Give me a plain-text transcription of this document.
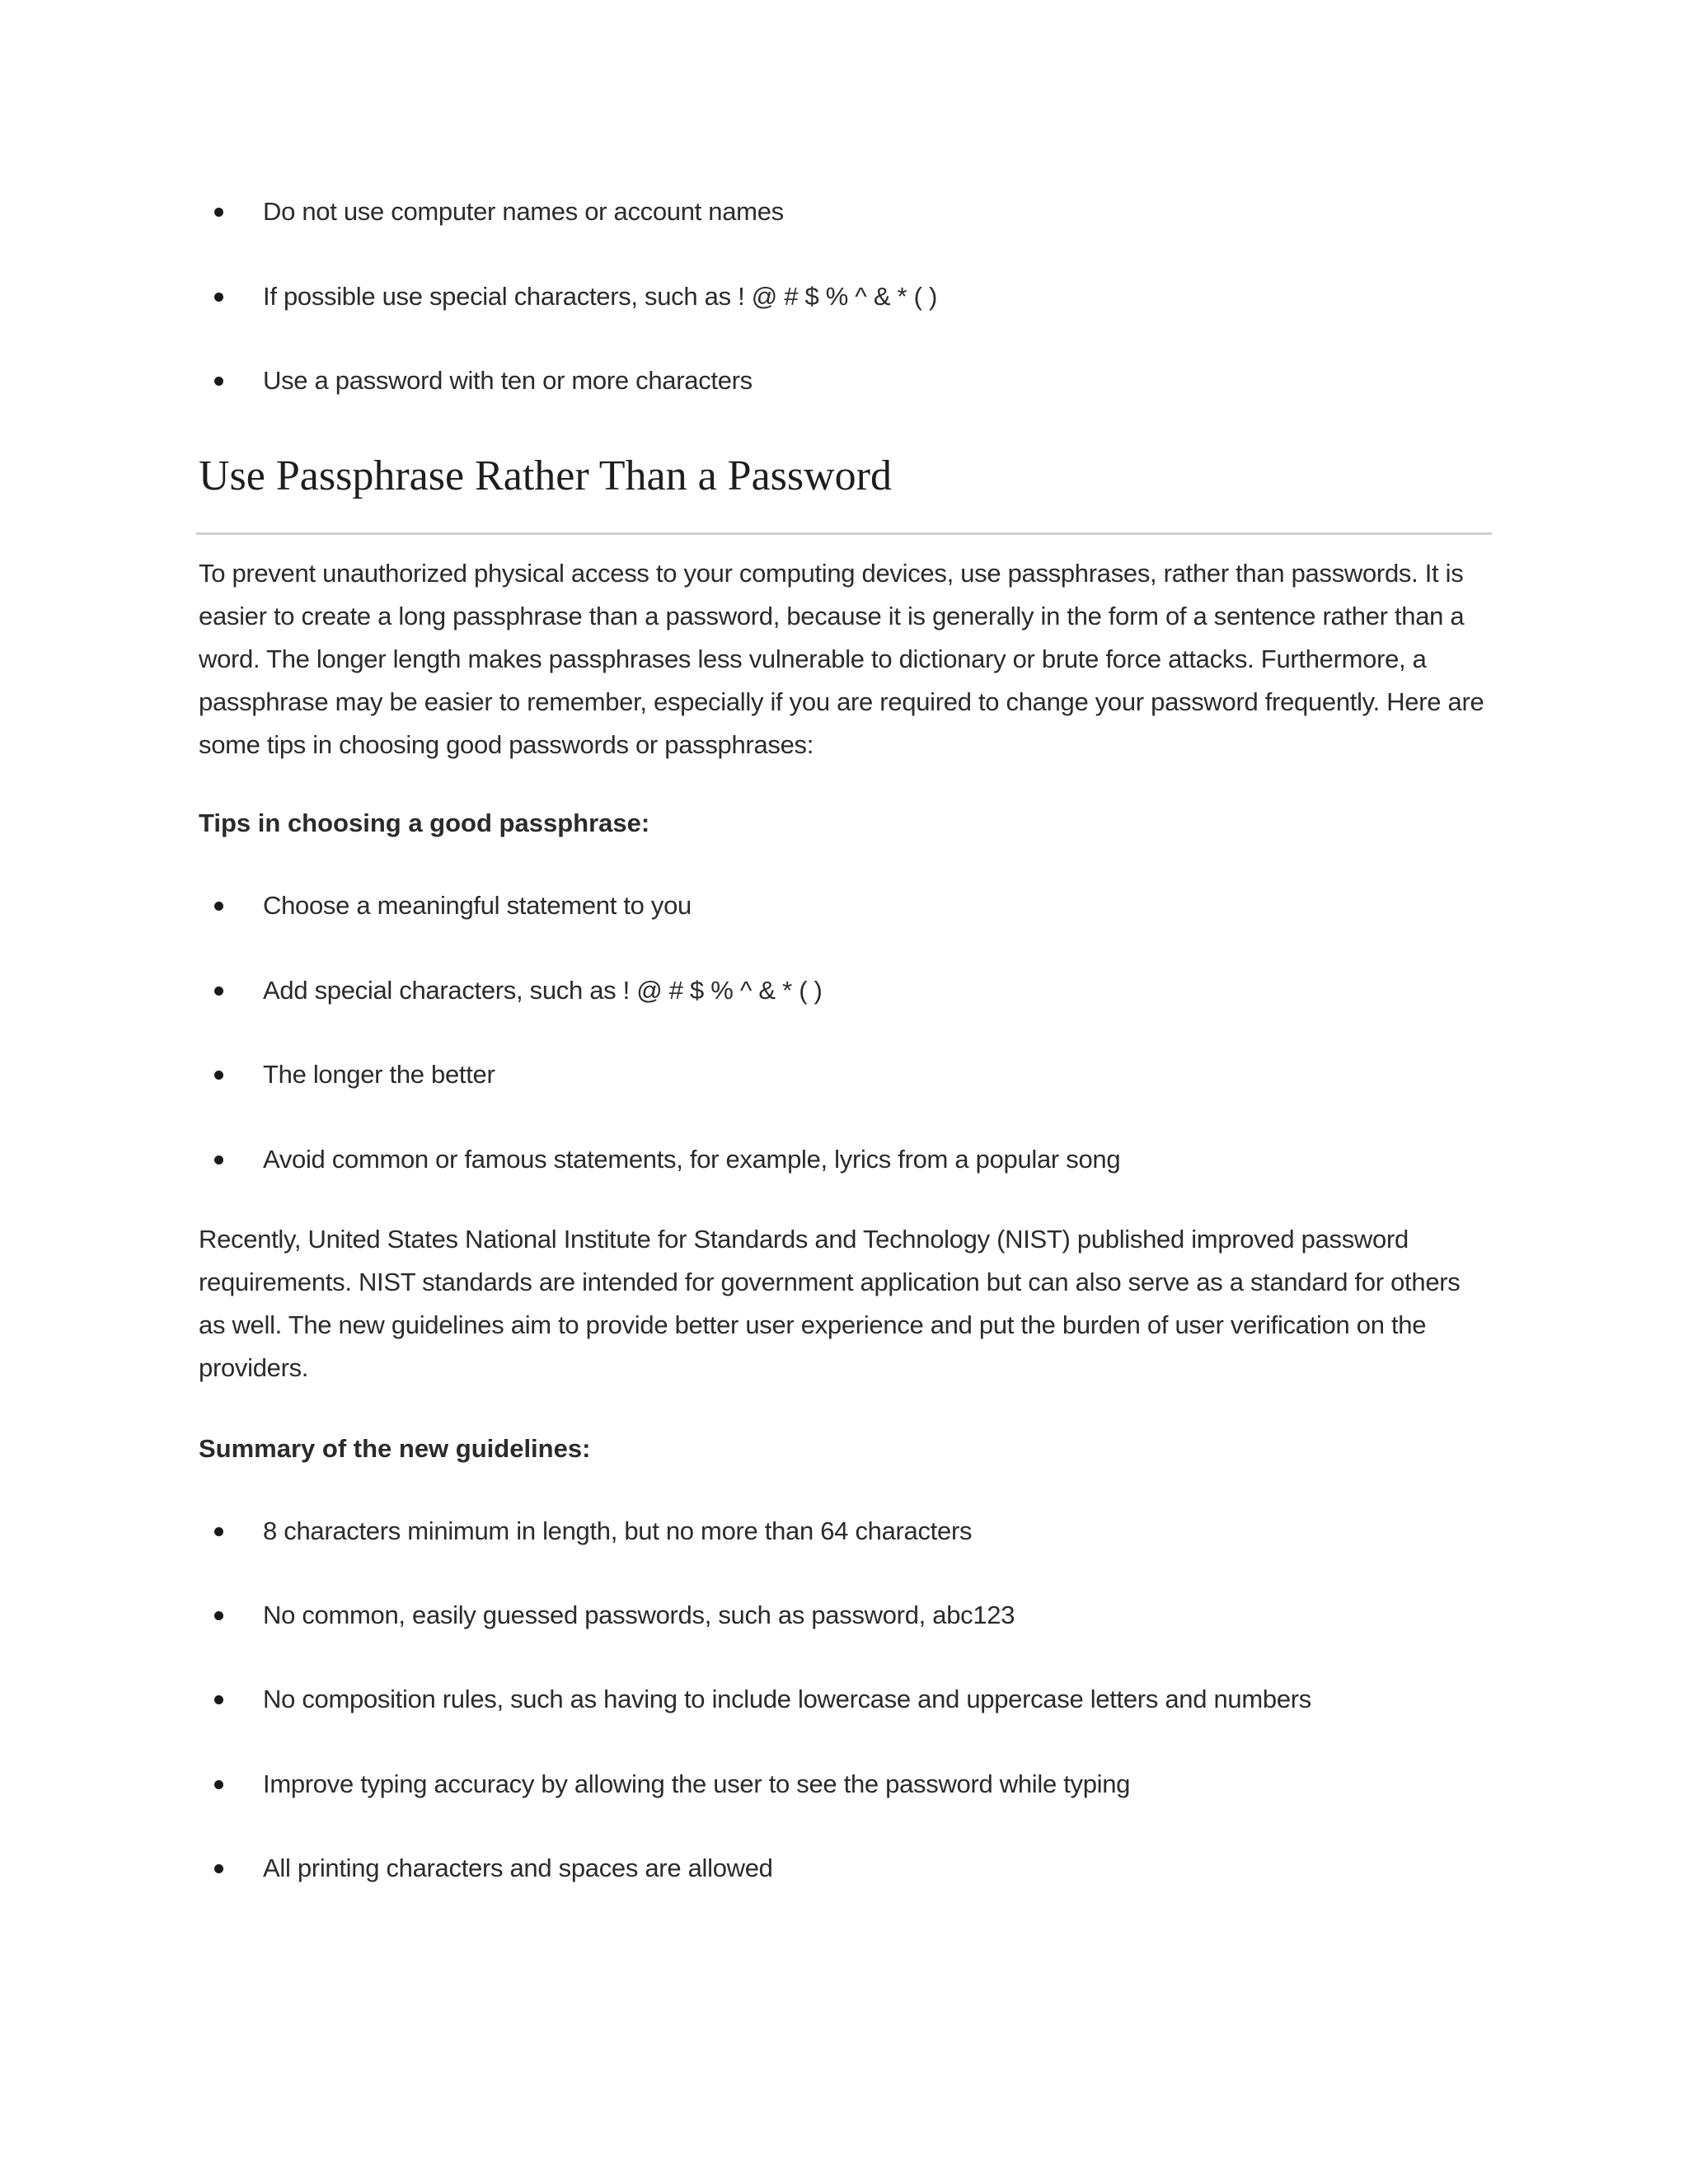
Do not use computer names or account names
If possible use special characters, such as ! @ # $ % ^ & * ( )
Use a password with ten or more characters
Use Passphrase Rather Than a Password

To prevent unauthorized physical access to your computing devices, use passphrases, rather than passwords. It is easier to create a long passphrase than a password, because it is generally in the form of a sentence rather than a word. The longer length makes passphrases less vulnerable to dictionary or brute force attacks. Furthermore, a passphrase may be easier to remember, especially if you are required to change your password frequently. Here are some tips in choosing good passwords or passphrases:

Tips in choosing a good passphrase:

Choose a meaningful statement to you
Add special characters, such as ! @ # $ % ^ & * ( )
The longer the better
Avoid common or famous statements, for example, lyrics from a popular song

Recently, United States National Institute for Standards and Technology (NIST) published improved password requirements. NIST standards are intended for government application but can also serve as a standard for others as well. The new guidelines aim to provide better user experience and put the burden of user verification on the providers.

Summary of the new guidelines:

8 characters minimum in length, but no more than 64 characters
No common, easily guessed passwords, such as password, abc123
No composition rules, such as having to include lowercase and uppercase letters and numbers
Improve typing accuracy by allowing the user to see the password while typing
All printing characters and spaces are allowed
